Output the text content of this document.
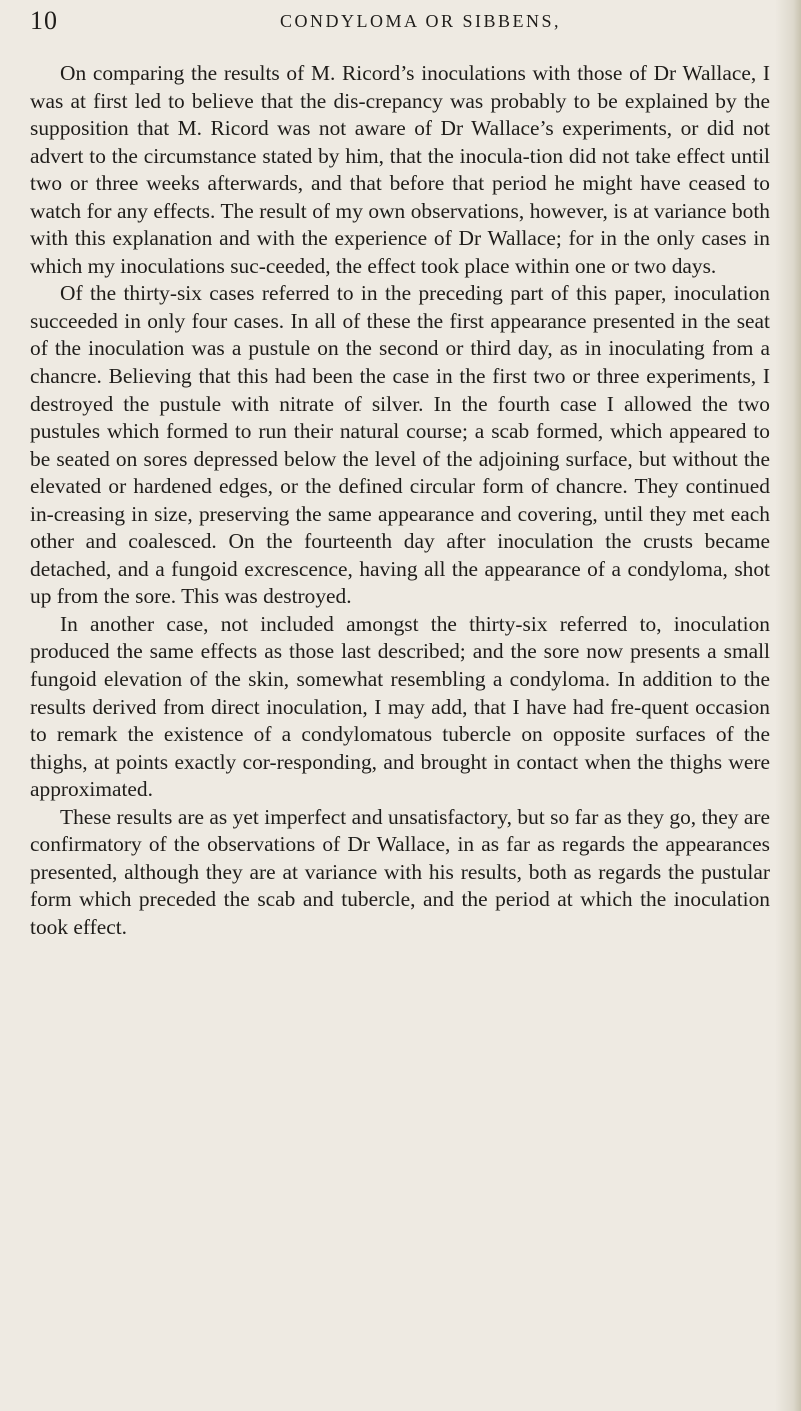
10	CONDYLOMA OR SIBBENS,

On comparing the results of M. Ricord’s inoculations with those of Dr Wallace, I was at first led to believe that the dis-crepancy was probably to be explained by the supposition that M. Ricord was not aware of Dr Wallace’s experiments, or did not advert to the circumstance stated by him, that the inocula-tion did not take effect until two or three weeks afterwards, and that before that period he might have ceased to watch for any effects. The result of my own observations, however, is at variance both with this explanation and with the experience of Dr Wallace; for in the only cases in which my inoculations suc-ceeded, the effect took place within one or two days.

Of the thirty-six cases referred to in the preceding part of this paper, inoculation succeeded in only four cases. In all of these the first appearance presented in the seat of the inoculation was a pustule on the second or third day, as in inoculating from a chancre. Believing that this had been the case in the first two or three experiments, I destroyed the pustule with nitrate of silver. In the fourth case I allowed the two pustules which formed to run their natural course; a scab formed, which appeared to be seated on sores depressed below the level of the adjoining surface, but without the elevated or hardened edges, or the defined circular form of chancre. They continued in-creasing in size, preserving the same appearance and covering, until they met each other and coalesced. On the fourteenth day after inoculation the crusts became detached, and a fungoid excrescence, having all the appearance of a condyloma, shot up from the sore. This was destroyed.

In another case, not included amongst the thirty-six referred to, inoculation produced the same effects as those last described; and the sore now presents a small fungoid elevation of the skin, somewhat resembling a condyloma. In addition to the results derived from direct inoculation, I may add, that I have had fre-quent occasion to remark the existence of a condylomatous tubercle on opposite surfaces of the thighs, at points exactly cor-responding, and brought in contact when the thighs were approximated.

These results are as yet imperfect and unsatisfactory, but so far as they go, they are confirmatory of the observations of Dr Wallace, in as far as regards the appearances presented, although they are at variance with his results, both as regards the pustular form which preceded the scab and tubercle, and the period at which the inoculation took effect.
